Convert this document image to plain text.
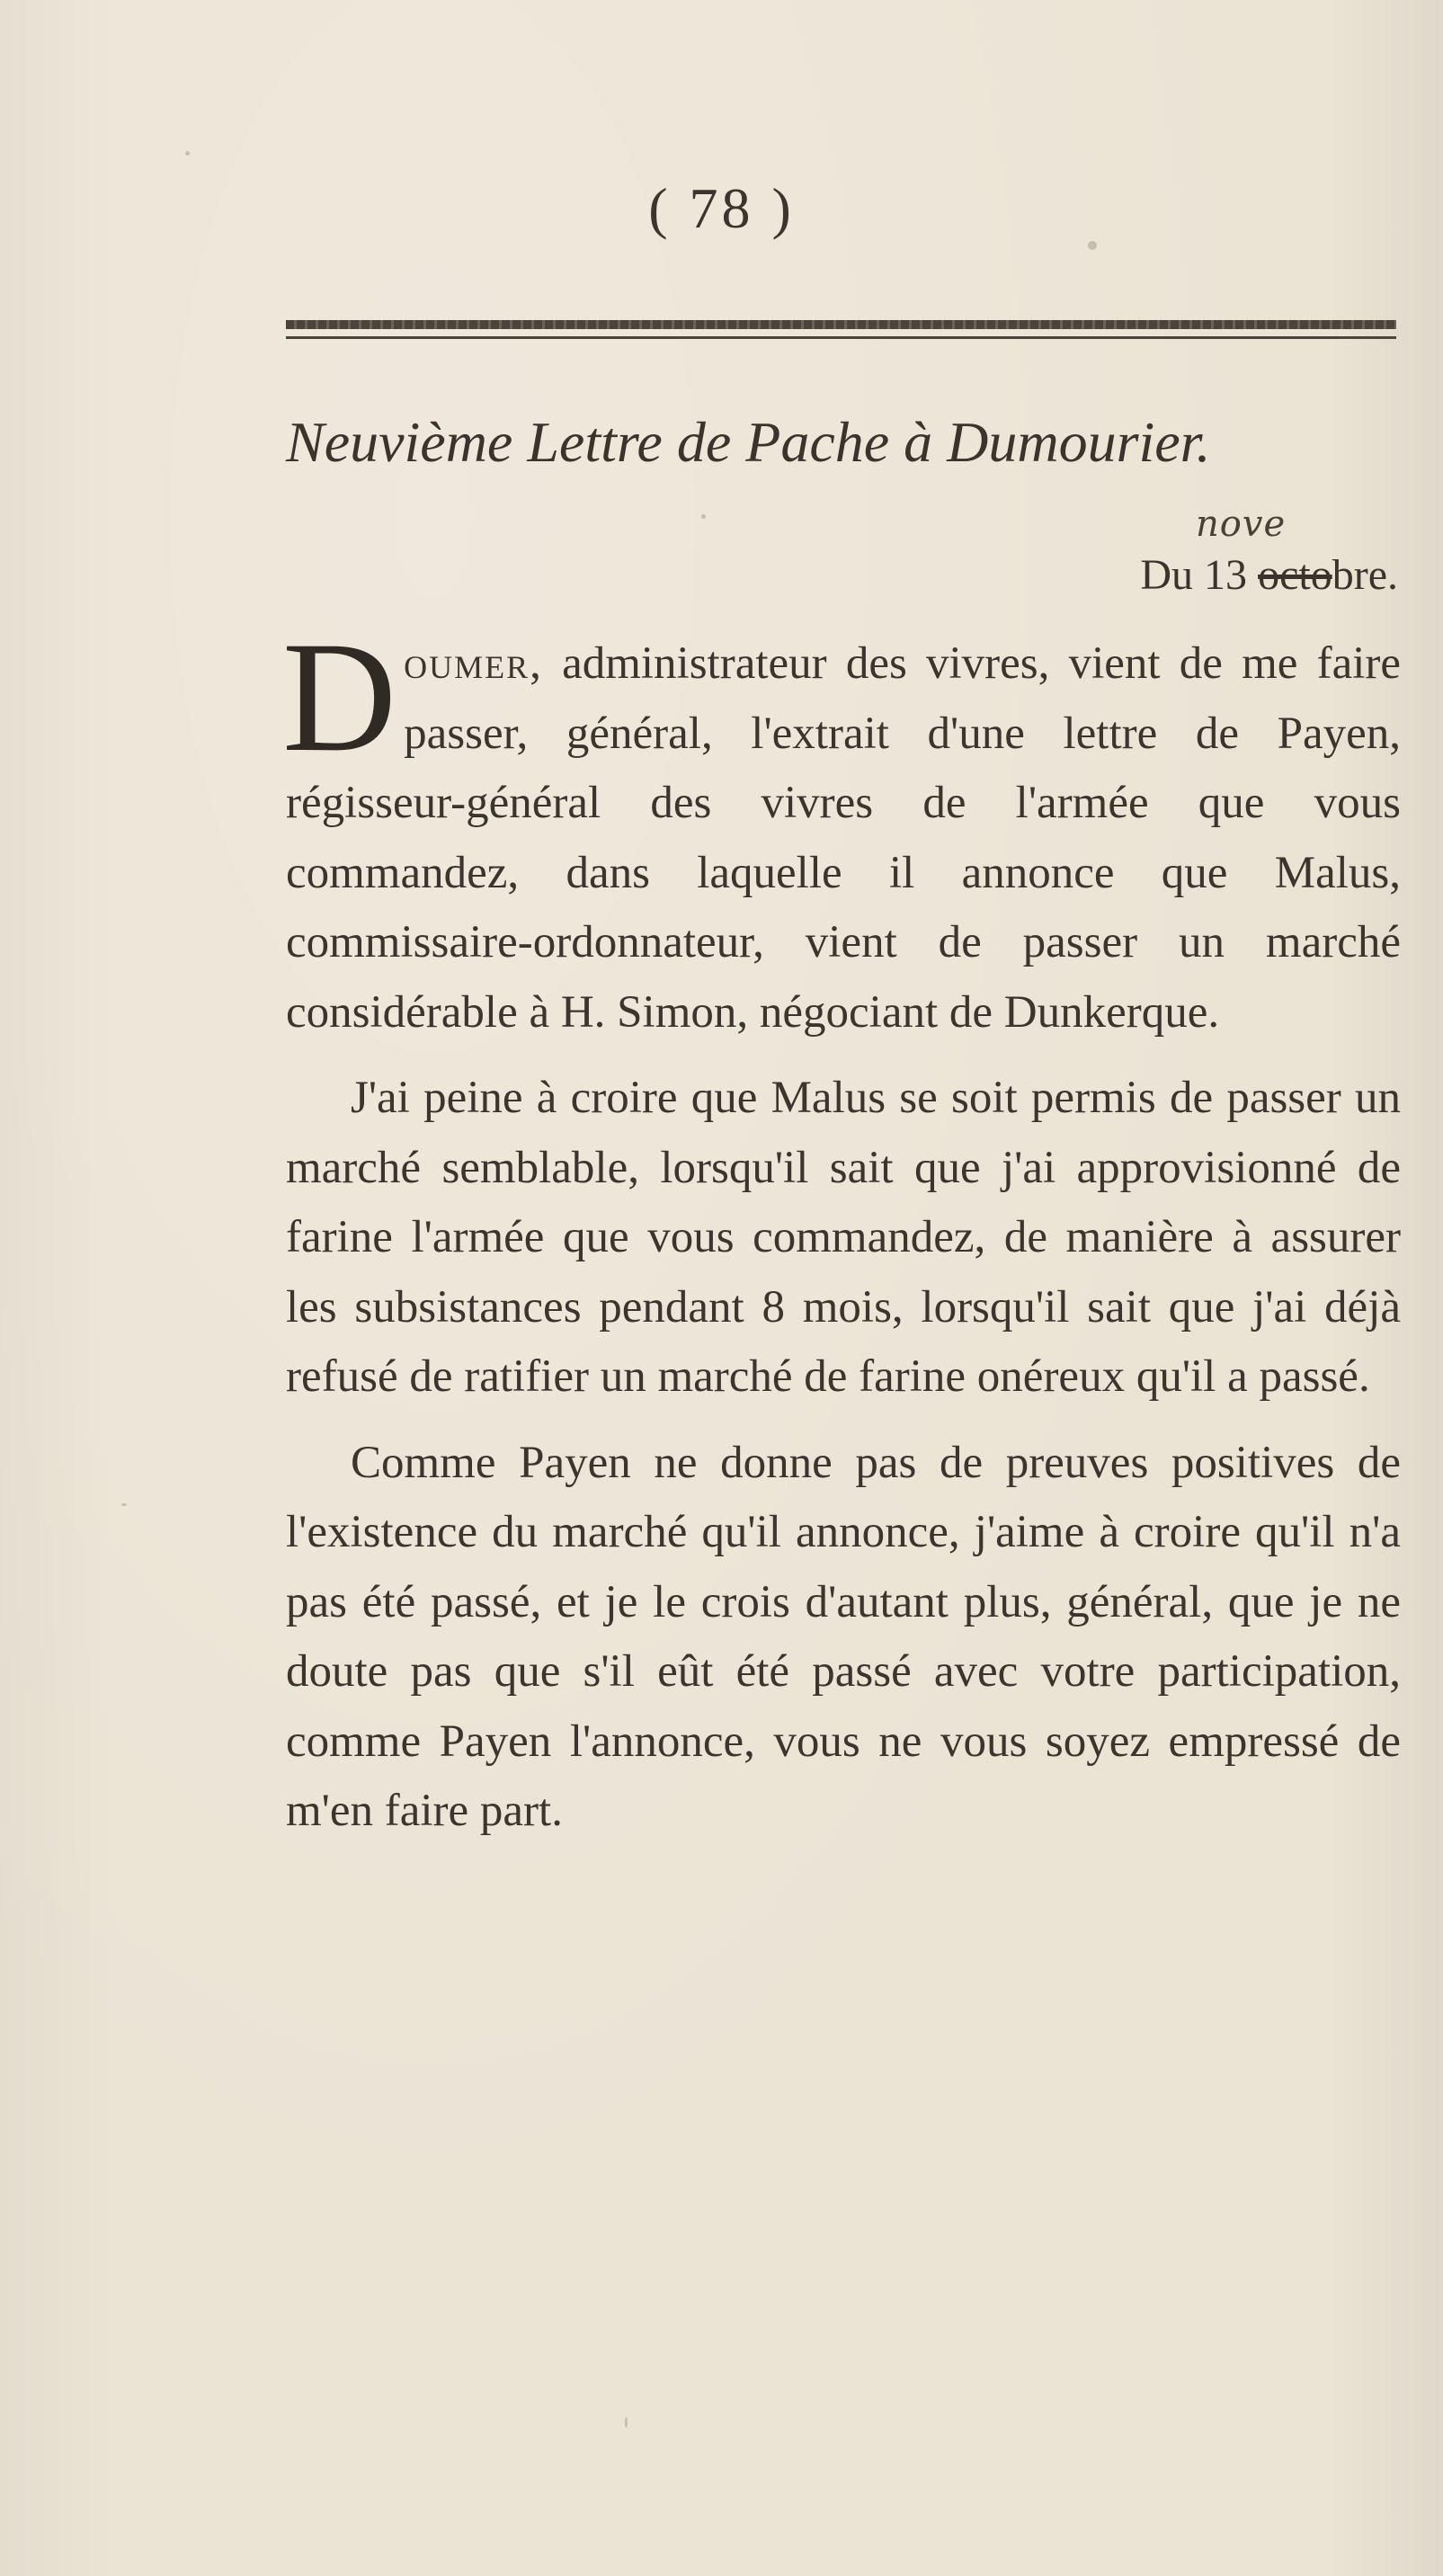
( 78 )
Neuvième Lettre de Pache à Dumourier.
nove
Du 13 octobre.

Doumer, administrateur des vivres, vient de me faire passer, général, l'extrait d'une lettre de Payen, régisseur-général des vivres de l'armée que vous commandez, dans laquelle il annonce que Malus, commissaire-ordonnateur, vient de passer un marché considérable à H. Simon, négociant de Dunkerque.

J'ai peine à croire que Malus se soit permis de passer un marché semblable, lorsqu'il sait que j'ai approvisionné de farine l'armée que vous commandez, de manière à assurer les subsistances pendant 8 mois, lorsqu'il sait que j'ai déjà refusé de ratifier un marché de farine onéreux qu'il a passé.

Comme Payen ne donne pas de preuves positives de l'existence du marché qu'il annonce, j'aime à croire qu'il n'a pas été passé, et je le crois d'autant plus, général, que je ne doute pas que s'il eût été passé avec votre participation, comme Payen l'annonce, vous ne vous soyez empressé de m'en faire part.
